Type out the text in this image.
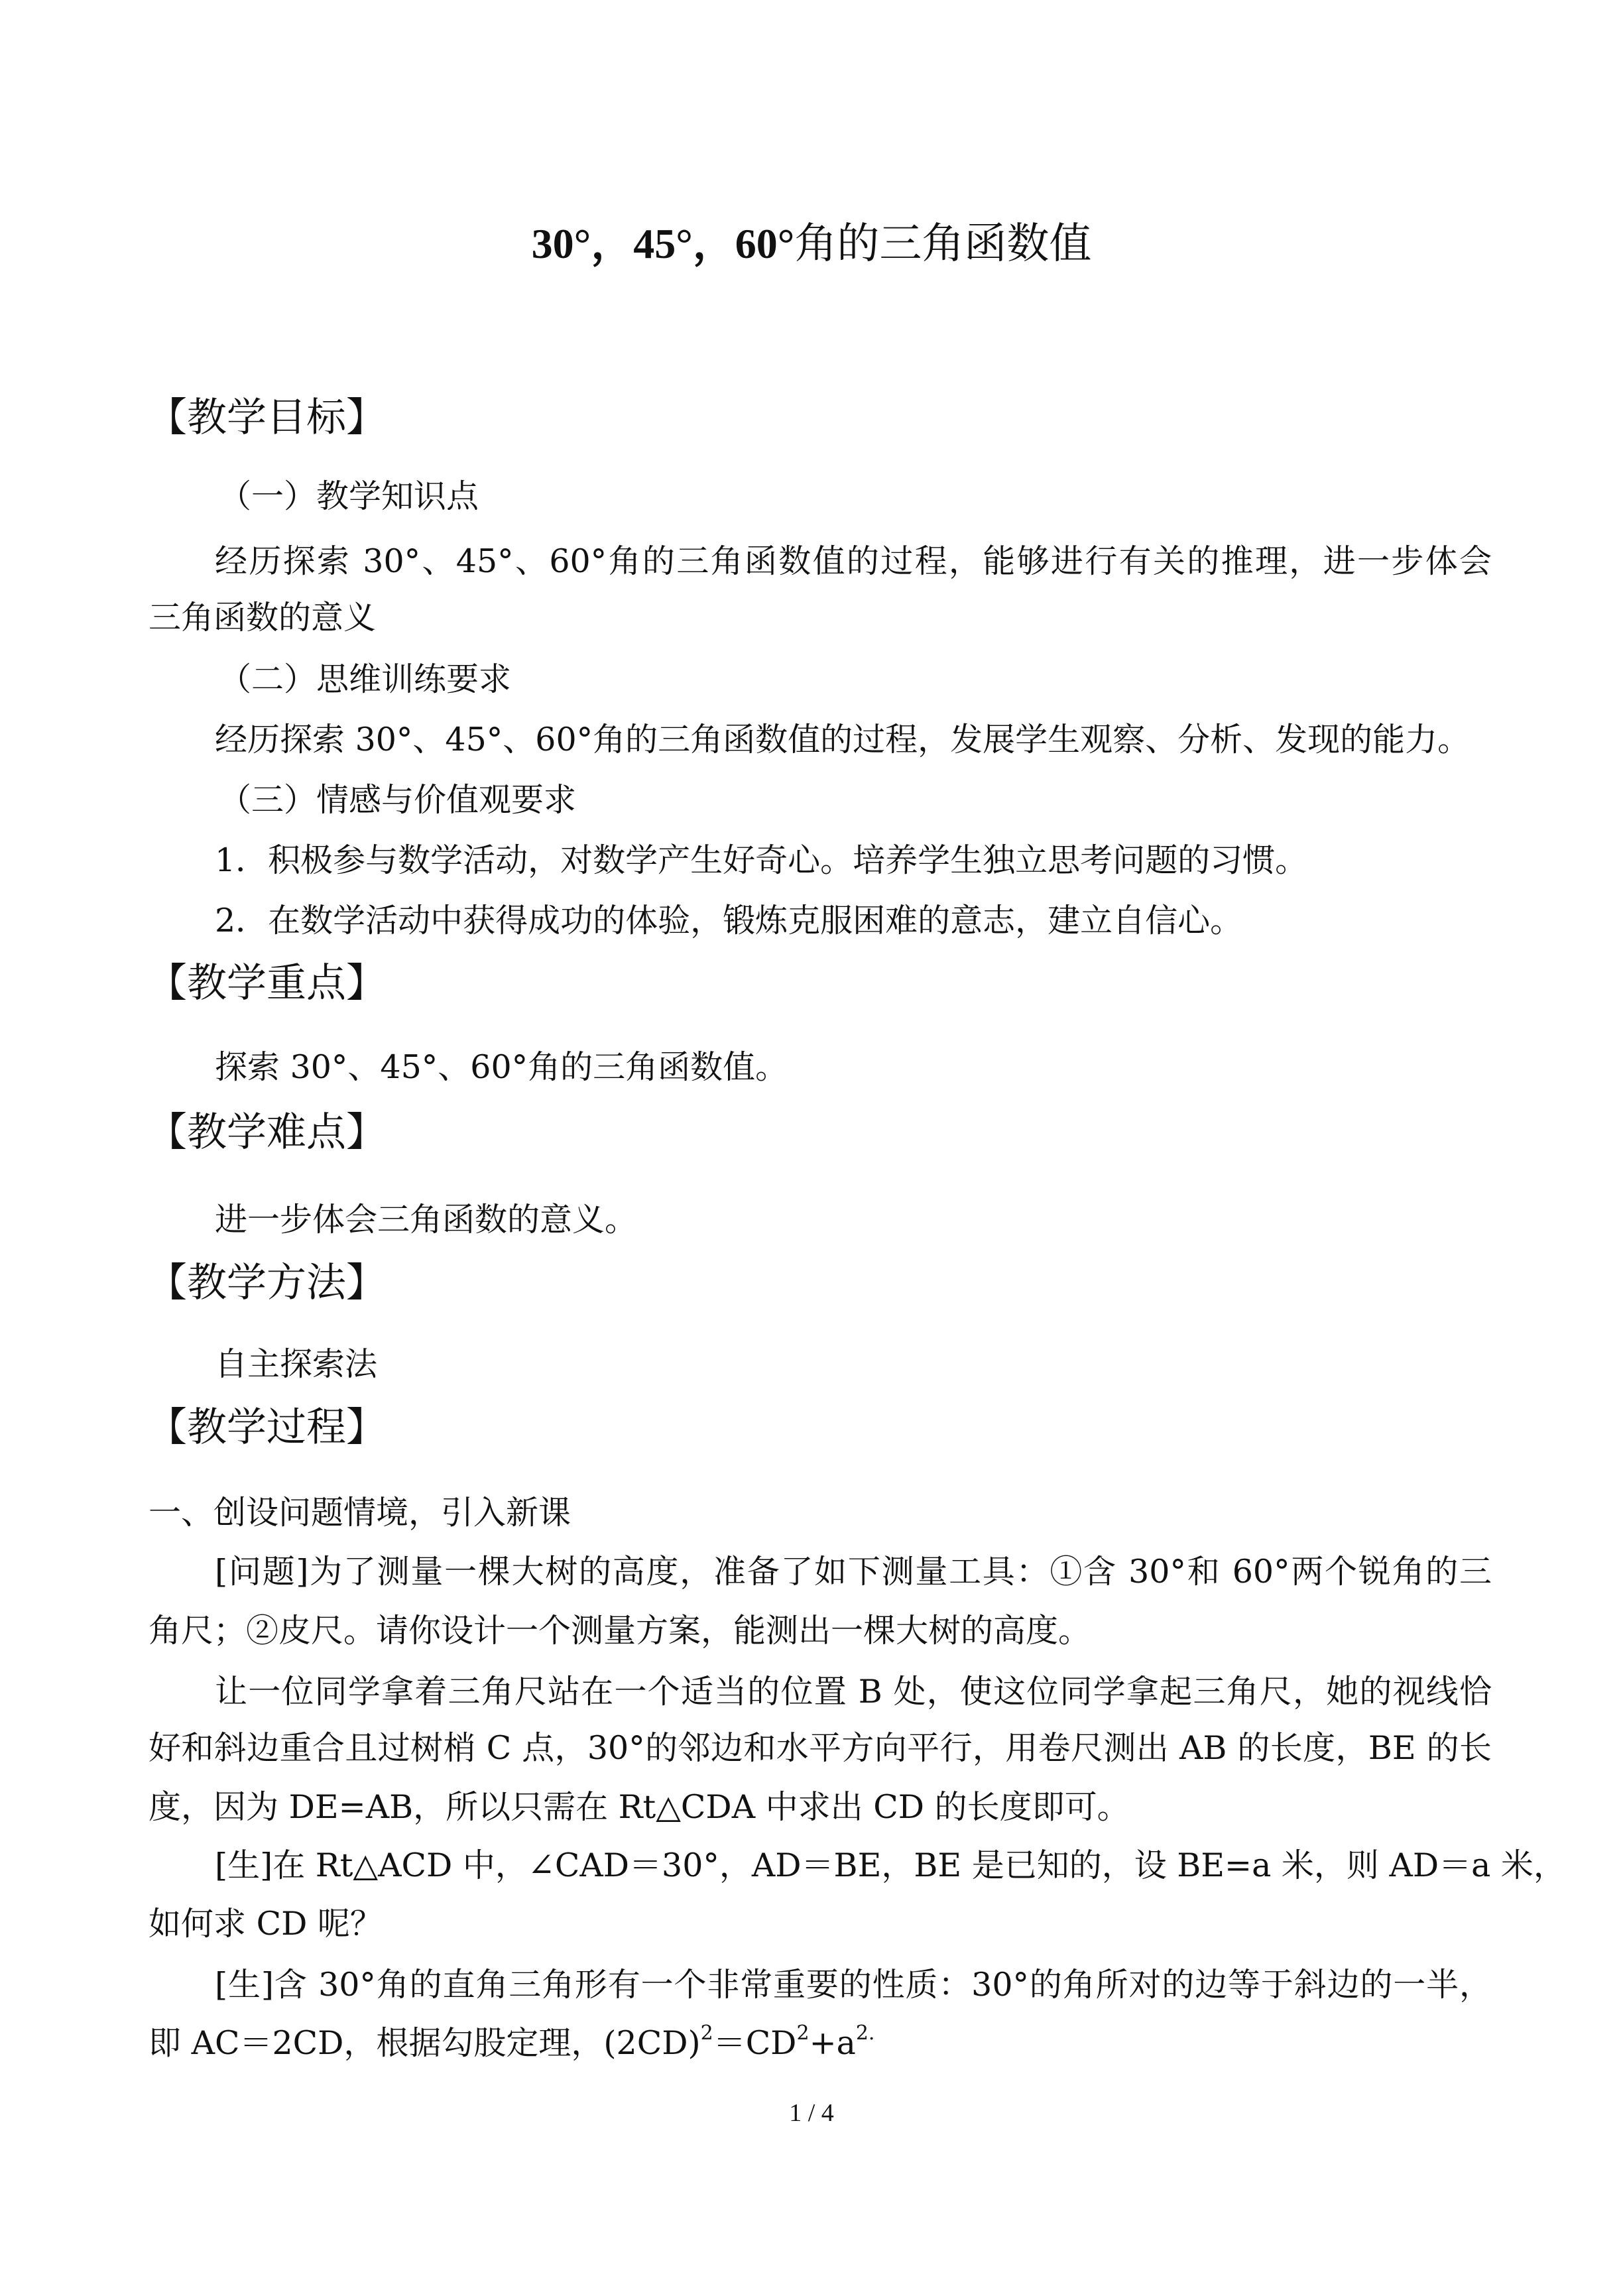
30°，45°，60°角的三角函数值
【教学目标】
（一）教学知识点
经历探索 30°、45°、60°角的三角函数值的过程，能够进行有关的推理，进一步体会
三角函数的意义
（二）思维训练要求
经历探索 30°、45°、60°角的三角函数值的过程，发展学生观察、分析、发现的能力。
（三）情感与价值观要求
1．积极参与数学活动，对数学产生好奇心。培养学生独立思考问题的习惯。
2．在数学活动中获得成功的体验，锻炼克服困难的意志，建立自信心。
【教学重点】
探索 30°、45°、60°角的三角函数值。
【教学难点】
进一步体会三角函数的意义。
【教学方法】
自主探索法
【教学过程】
一、创设问题情境，引入新课
[问题]为了测量一棵大树的高度，准备了如下测量工具：①含 30°和 60°两个锐角的三
角尺；②皮尺。请你设计一个测量方案，能测出一棵大树的高度。
让一位同学拿着三角尺站在一个适当的位置 B 处，使这位同学拿起三角尺，她的视线恰
好和斜边重合且过树梢 C 点，30°的邻边和水平方向平行，用卷尺测出 AB 的长度，BE 的长
度，因为 DE=AB，所以只需在 Rt△CDA 中求出 CD 的长度即可。
[生]在 Rt△ACD 中，∠CAD＝30°，AD＝BE，BE 是已知的，设 BE=a 米，则 AD＝a 米，
如何求 CD 呢？
[生]含 30°角的直角三角形有一个非常重要的性质：30°的角所对的边等于斜边的一半，
即 AC＝2CD，根据勾股定理，$(2CD)^2=CD^2+a^{2.}$
1 / 4
